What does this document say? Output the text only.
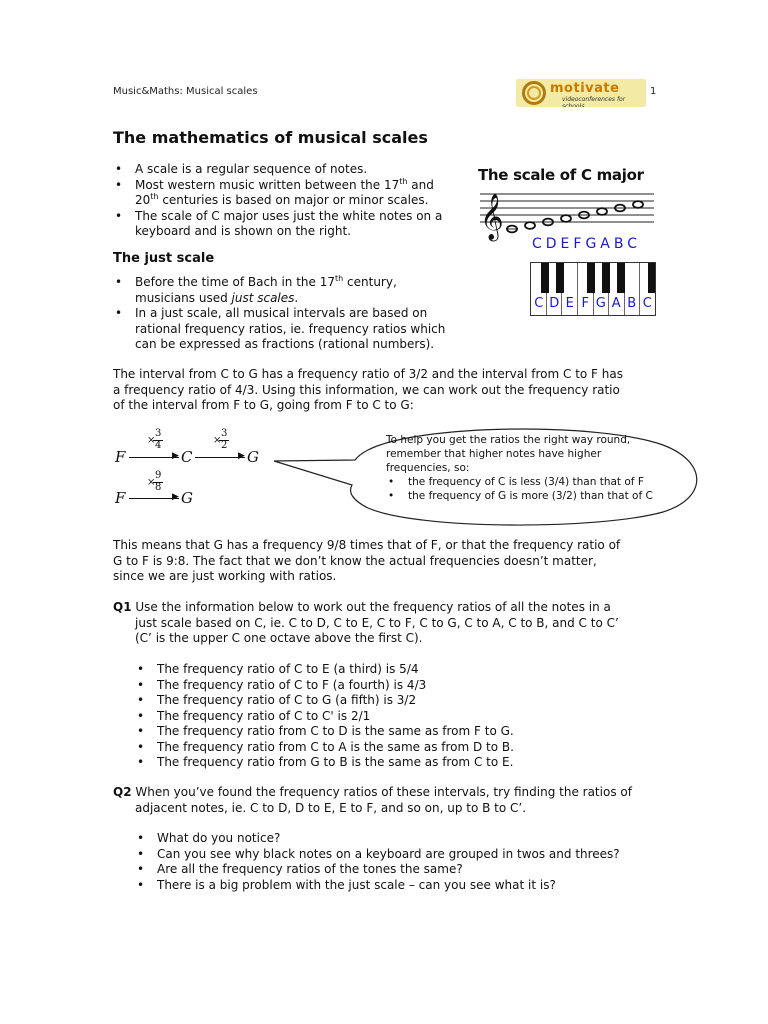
Music&Maths: Musical scales	motivate
videoconferences for schools
1
The mathematics of musical scales
• A scale is a regular sequence of notes.
• Most western music written between the 17th and
20th centuries is based on major or minor scales.
• The scale of C major uses just the white notes on a
keyboard and is shown on the right.
The scale of C major
𝄞
CDEFGABC
C D E F G A B C
The just scale
• Before the time of Bach in the 17th century,
musicians used just scales.
• In a just scale, all musical intervals are based on
rational frequency ratios, ie. frequency ratios which
can be expressed as fractions (rational numbers).
The interval from C to G has a frequency ratio of 3/2 and the interval from C to F has
a frequency ratio of 4/3. Using this information, we can work out the frequency ratio
of the interval from F to G, going from F to C to G:
F	C	G
▶	▶
×
3
4	×
3
2
F	G
▶
×
9
8
To help you get the ratios the right way round,
remember that higher notes have higher
frequencies, so:
• the frequency of C is less (3/4) than that of F
• the frequency of G is more (3/2) than that of C
This means that G has a frequency 9/8 times that of F, or that the frequency ratio of
G to F is 9:8. The fact that we don’t know the actual frequencies doesn’t matter,
since we are just working with ratios.
Q1 Use the information below to work out the frequency ratios of all the notes in a
just scale based on C, ie. C to D, C to E, C to F, C to G, C to A, C to B, and C to C’
(C’ is the upper C one octave above the first C).
• The frequency ratio of C to E (a third) is 5/4
• The frequency ratio of C to F (a fourth) is 4/3
• The frequency ratio of C to G (a fifth) is 3/2
• The frequency ratio of C to C' is 2/1
• The frequency ratio from C to D is the same as from F to G.
• The frequency ratio from C to A is the same as from D to B.
• The frequency ratio from G to B is the same as from C to E.
Q2 When you’ve found the frequency ratios of these intervals, try finding the ratios of
adjacent notes, ie. C to D, D to E, E to F, and so on, up to B to C’.
• What do you notice?
• Can you see why black notes on a keyboard are grouped in twos and threes?
• Are all the frequency ratios of the tones the same?
• There is a big problem with the just scale – can you see what it is?
